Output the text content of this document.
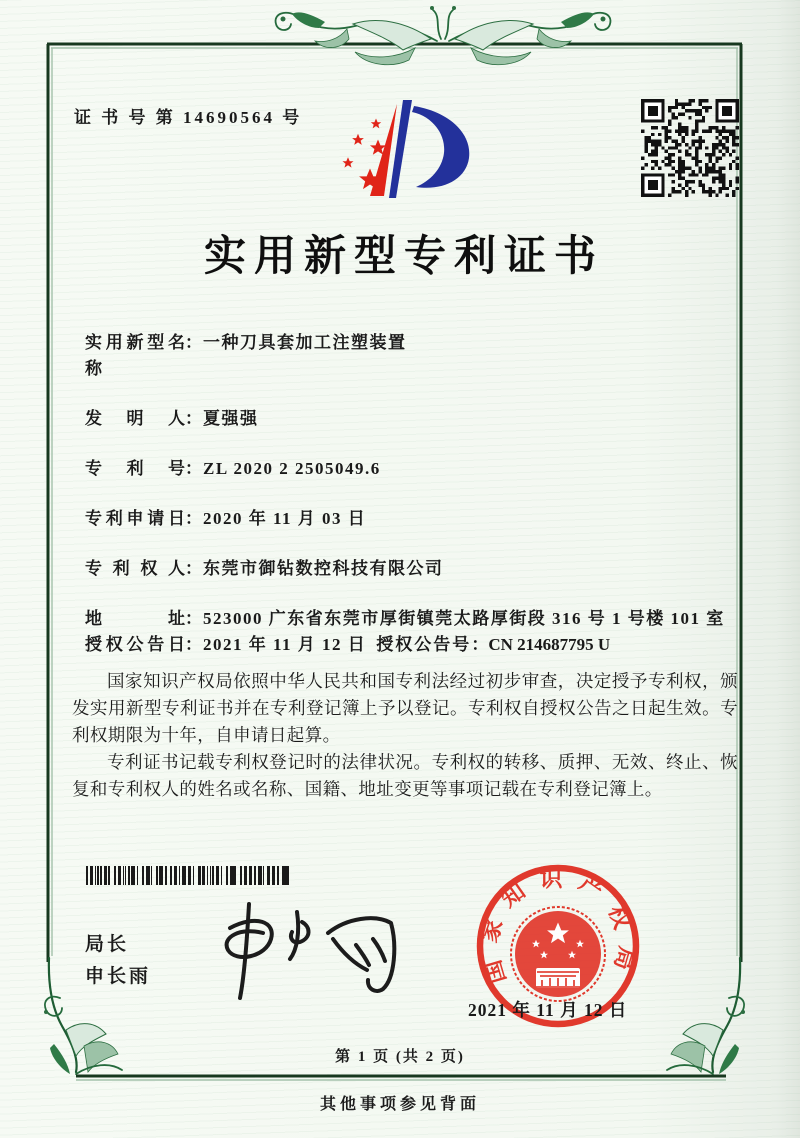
证 书 号 第 14690564 号
实用新型专利证书
实用新型名称
： 一种刀具套加工注塑装置
发明人 ： 夏强强
专利号 ： ZL 2020 2 2505049.6
专利申请日 ： 2020 年 11 月 03 日
专利权人 ： 东莞市御钻数控科技有限公司
地址 ： 523000 广东省东莞市厚街镇莞太路厚街段 316 号 1 号楼 101 室
授权公告日 ： 2021 年 11 月 12 日 授权公告号：CN 214687795 U

国家知识产权局依照中华人民共和国专利法经过初步审查，决定授予专利权，颁发实用新型专利证书并在专利登记簿上予以登记。专利权自授权公告之日起生效。专利权期限为十年，自申请日起算。

专利证书记载专利权登记时的法律状况。专利权的转移、质押、无效、终止、恢复和专利权人的姓名或名称、国籍、地址变更等事项记载在专利登记簿上。

局长
申长雨	国家知识产权局
2021 年 11 月 12 日
第 1 页 (共 2 页)
其他事项参见背面
